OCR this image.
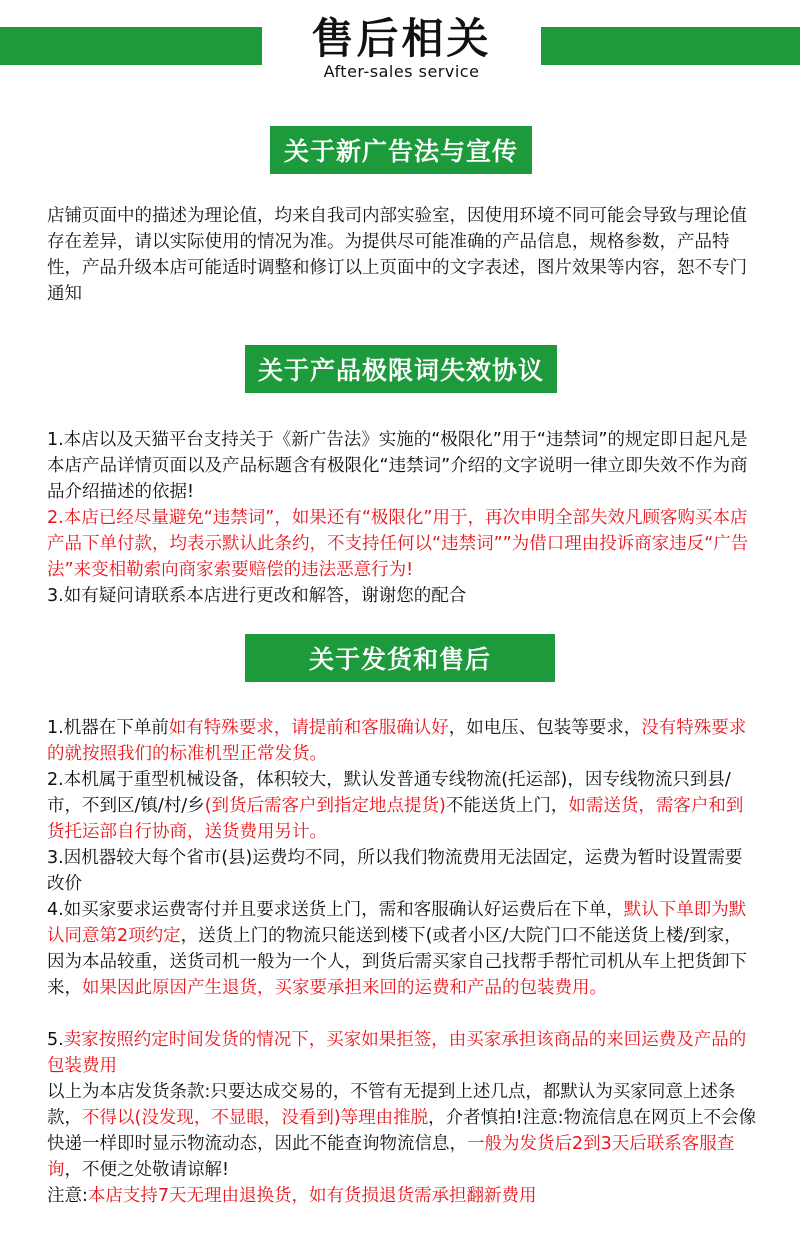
售后相关
After-sales service
关于新广告法与宣传
店铺页面中的描述为理论值，均来自我司内部实验室，因使用环境不同可能会导致与理论值存在差异，请以实际使用的情况为准。为提供尽可能准确的产品信息，规格参数，产品特性，产品升级本店可能适时调整和修订以上页面中的文字表述，图片效果等内容，恕不专门通知
关于产品极限词失效协议
1.本店以及天猫平台支持关于《新广告法》实施的“极限化”用于“违禁词”的规定即日起凡是本店产品详情页面以及产品标题含有极限化“违禁词”介绍的文字说明一律立即失效不作为商品介绍描述的依据!
2.本店已经尽量避免“违禁词”，如果还有“极限化”用于，再次申明全部失效凡顾客购买本店产品下单付款，均表示默认此条约，不支持任何以“违禁词””为借口理由投诉商家违反“广告法”来变相勒索向商家索要赔偿的违法恶意行为!
3.如有疑问请联系本店进行更改和解答，谢谢您的配合
关于发货和售后
1.机器在下单前如有特殊要求，请提前和客服确认好，如电压、包装等要求，没有特殊要求的就按照我们的标准机型正常发货。
2.本机属于重型机械设备，体积较大，默认发普通专线物流(托运部)，因专线物流只到县/市，不到区/镇/村/乡(到货后需客户到指定地点提货)不能送货上门，如需送货，需客户和到货托运部自行协商，送货费用另计。
3.因机器较大每个省市(县)运费均不同，所以我们物流费用无法固定，运费为暂时设置需要改价
4.如买家要求运费寄付并且要求送货上门，需和客服确认好运费后在下单，默认下单即为默认同意第2项约定，送货上门的物流只能送到楼下(或者小区/大院门口不能送货上楼/到家，因为本品较重，送货司机一般为一个人，到货后需买家自己找帮手帮忙司机从车上把货卸下来，如果因此原因产生退货，买家要承担来回的运费和产品的包装费用。
5.卖家按照约定时间发货的情况下，买家如果拒签，由买家承担该商品的来回运费及产品的包装费用
以上为本店发货条款:只要达成交易的，不管有无提到上述几点，都默认为买家同意上述条款，不得以(没发现，不显眼，没看到)等理由推脱，介者慎拍!注意:物流信息在网页上不会像快递一样即时显示物流动态，因此不能查询物流信息，一般为发货后2到3天后联系客服查询，不便之处敬请谅解!
注意:本店支持7天无理由退换货，如有货损退货需承担翻新费用
